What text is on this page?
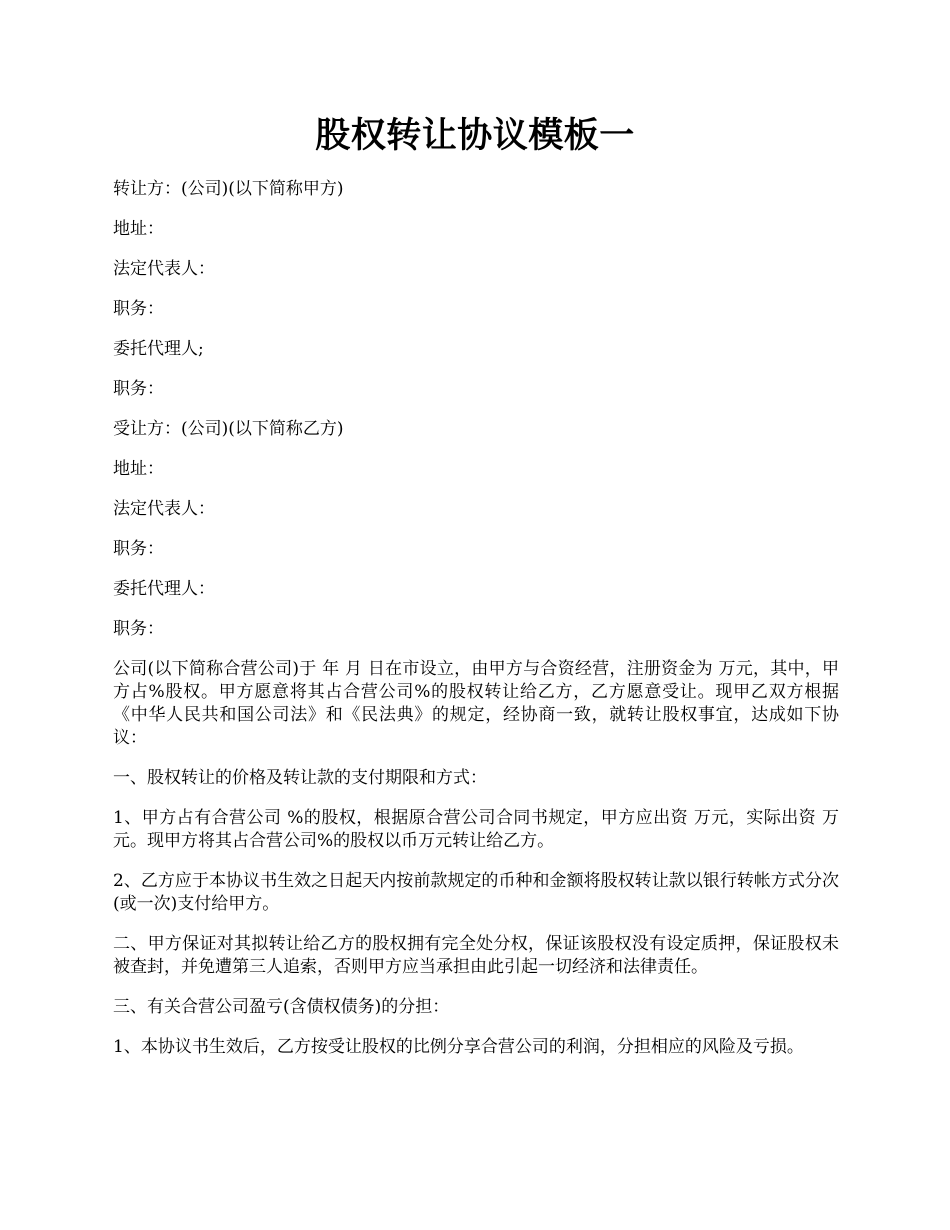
股权转让协议模板一

转让方：(公司)(以下简称甲方)

地址：

法定代表人：

职务：

委托代理人;

职务：

受让方：(公司)(以下简称乙方)

地址：

法定代表人：

职务：

委托代理人：

职务：

公司(以下简称合营公司)于 年 月 日在市设立，由甲方与合资经营，注册资金为 万元，其中，甲方占%股权。甲方愿意将其占合营公司%的股权转让给乙方，乙方愿意受让。现甲乙双方根据《中华人民共和国公司法》和《民法典》的规定，经协商一致，就转让股权事宜，达成如下协议：

一、股权转让的价格及转让款的支付期限和方式：

1、甲方占有合营公司 %的股权，根据原合营公司合同书规定，甲方应出资 万元，实际出资 万元。现甲方将其占合营公司%的股权以币万元转让给乙方。

2、乙方应于本协议书生效之日起天内按前款规定的币种和金额将股权转让款以银行转帐方式分次(或一次)支付给甲方。

二、甲方保证对其拟转让给乙方的股权拥有完全处分权，保证该股权没有设定质押，保证股权未被查封，并免遭第三人追索，否则甲方应当承担由此引起一切经济和法律责任。

三、有关合营公司盈亏(含债权债务)的分担：

1、本协议书生效后，乙方按受让股权的比例分享合营公司的利润，分担相应的风险及亏损。
